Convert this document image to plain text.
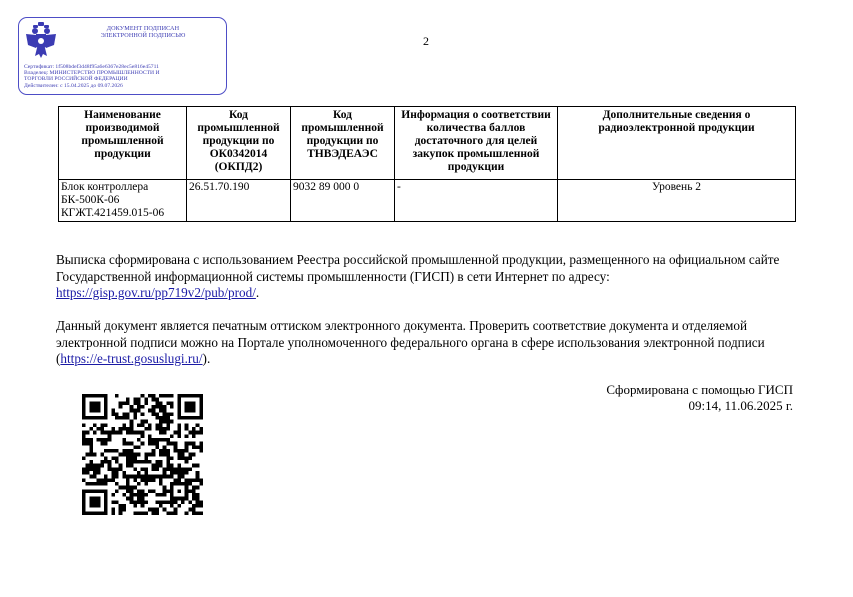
ДОКУМЕНТ ПОДПИСАН
ЭЛЕКТРОННОЙ ПОДПИСЬЮ
Сертификат: 1f508bdef3d48f95a6e6367e28ec5e816e45711
Владелец: МИНИСТЕРСТВО ПРОМЫШЛЕННОСТИ И
ТОРГОВЛИ РОССИЙСКОЙ ФЕДЕРАЦИИ
Действителен: с 15.04.2025 до 09.07.2026
2
Наименование производимой промышленной продукции	Код промышленной продукции по ОК0342014 (ОКПД2)	Код промышленной продукции по ТНВЭДЕАЭС	Информация о соответствии количества баллов достаточного для целей закупок промышленной продукции	Дополнительные сведения о радиоэлектронной продукции
Блок контроллера БК-500К-06 КГЖТ.421459.015-06	26.51.70.190	9032 89 000 0	-	Уровень 2
Выписка сформирована с использованием Реестра российской промышленной продукции, размещенного на официальном сайте Государственной информационной системы промышленности (ГИСП) в сети Интернет по адресу: https://gisp.gov.ru/pp719v2/pub/prod/.
Данный документ является печатным оттиском электронного документа. Проверить соответствие документа и отделяемой электронной подписи можно на Портале уполномоченного федерального органа в сфере использования электронной подписи (https://e-trust.gosuslugi.ru/).
Сформирована с помощью ГИСП
09:14, 11.06.2025 г.
